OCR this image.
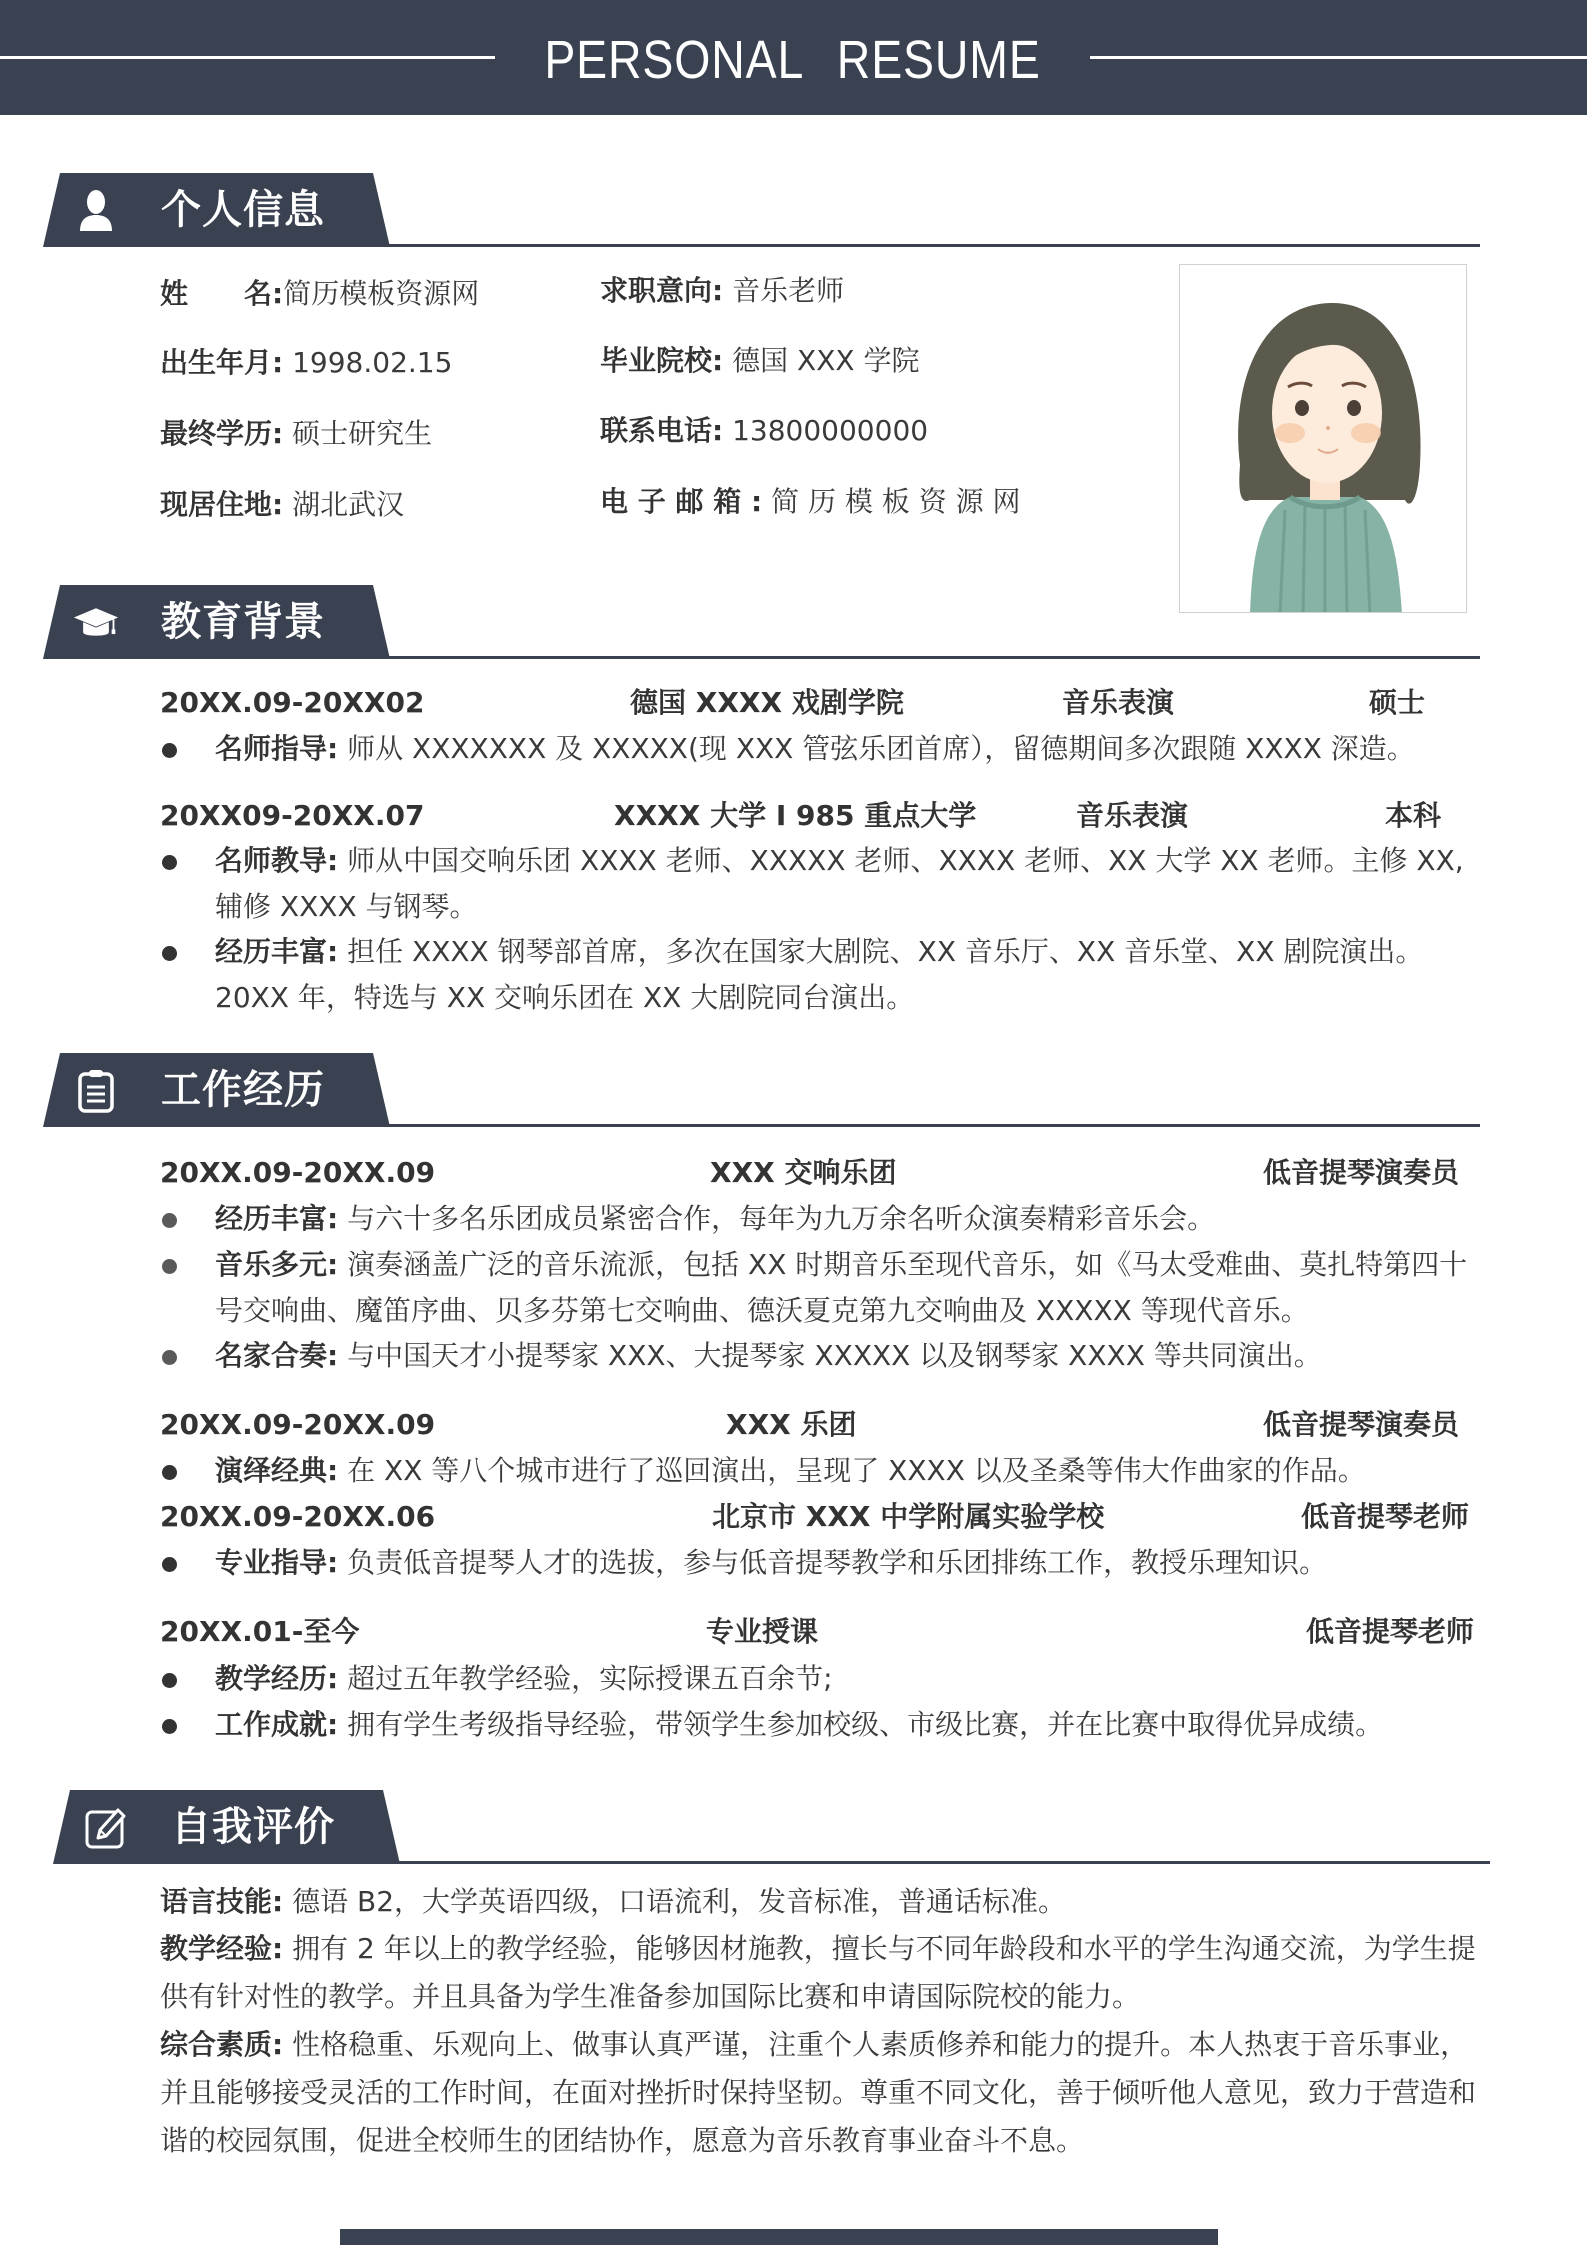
PERSONAL RESUME
个人信息
姓　　名:简历模板资源网
出生年月: 1998.02.15
最终学历: 硕士研究生
现居住地: 湖北武汉
求职意向: 音乐老师
毕业院校: 德国 XXX 学院
联系电话: 13800000000
电 子 邮 箱 : 简 历 模 板 资 源 网
教育背景
20XX.09-20XX02	德国 XXXX 戏剧学院	音乐表演	硕士
名师指导: 师从 XXXXXXX 及 XXXXX(现 XXX 管弦乐团首席），留德期间多次跟随 XXXX 深造。
20XX09-20XX.07	XXXX 大学 I 985 重点大学	音乐表演	本科
名师教导: 师从中国交响乐团 XXXX 老师、XXXXX 老师、XXXX 老师、XX 大学 XX 老师。主修 XX, 辅修 XXXX 与钢琴。
经历丰富: 担任 XXXX 钢琴部首席，多次在国家大剧院、XX 音乐厅、XX 音乐堂、XX 剧院演出。20XX 年，特选与 XX 交响乐团在 XX 大剧院同台演出。
工作经历
20XX.09-20XX.09	XXX 交响乐团	低音提琴演奏员
经历丰富: 与六十多名乐团成员紧密合作，每年为九万余名听众演奏精彩音乐会。
音乐多元: 演奏涵盖广泛的音乐流派，包括 XX 时期音乐至现代音乐，如《马太受难曲、莫扎特第四十号交响曲、魔笛序曲、贝多芬第七交响曲、德沃夏克第九交响曲及 XXXXX 等现代音乐。
名家合奏: 与中国天才小提琴家 XXX、大提琴家 XXXXX 以及钢琴家 XXXX 等共同演出。
20XX.09-20XX.09	XXX 乐团	低音提琴演奏员
演绎经典: 在 XX 等八个城市进行了巡回演出，呈现了 XXXX 以及圣桑等伟大作曲家的作品。
20XX.09-20XX.06	北京市 XXX 中学附属实验学校	低音提琴老师
专业指导: 负责低音提琴人才的选拔，参与低音提琴教学和乐团排练工作，教授乐理知识。
20XX.01-至今	专业授课	低音提琴老师
教学经历: 超过五年教学经验，实际授课五百余节;
工作成就: 拥有学生考级指导经验，带领学生参加校级、市级比赛，并在比赛中取得优异成绩。
自我评价
语言技能: 德语 B2，大学英语四级，口语流利，发音标准，普通话标准。
教学经验: 拥有 2 年以上的教学经验，能够因材施教，擅长与不同年龄段和水平的学生沟通交流，为学生提供有针对性的教学。并且具备为学生准备参加国际比赛和申请国际院校的能力。
综合素质: 性格稳重、乐观向上、做事认真严谨，注重个人素质修养和能力的提升。本人热衷于音乐事业，并且能够接受灵活的工作时间，在面对挫折时保持坚韧。尊重不同文化，善于倾听他人意见，致力于营造和谐的校园氛围，促进全校师生的团结协作，愿意为音乐教育事业奋斗不息。
